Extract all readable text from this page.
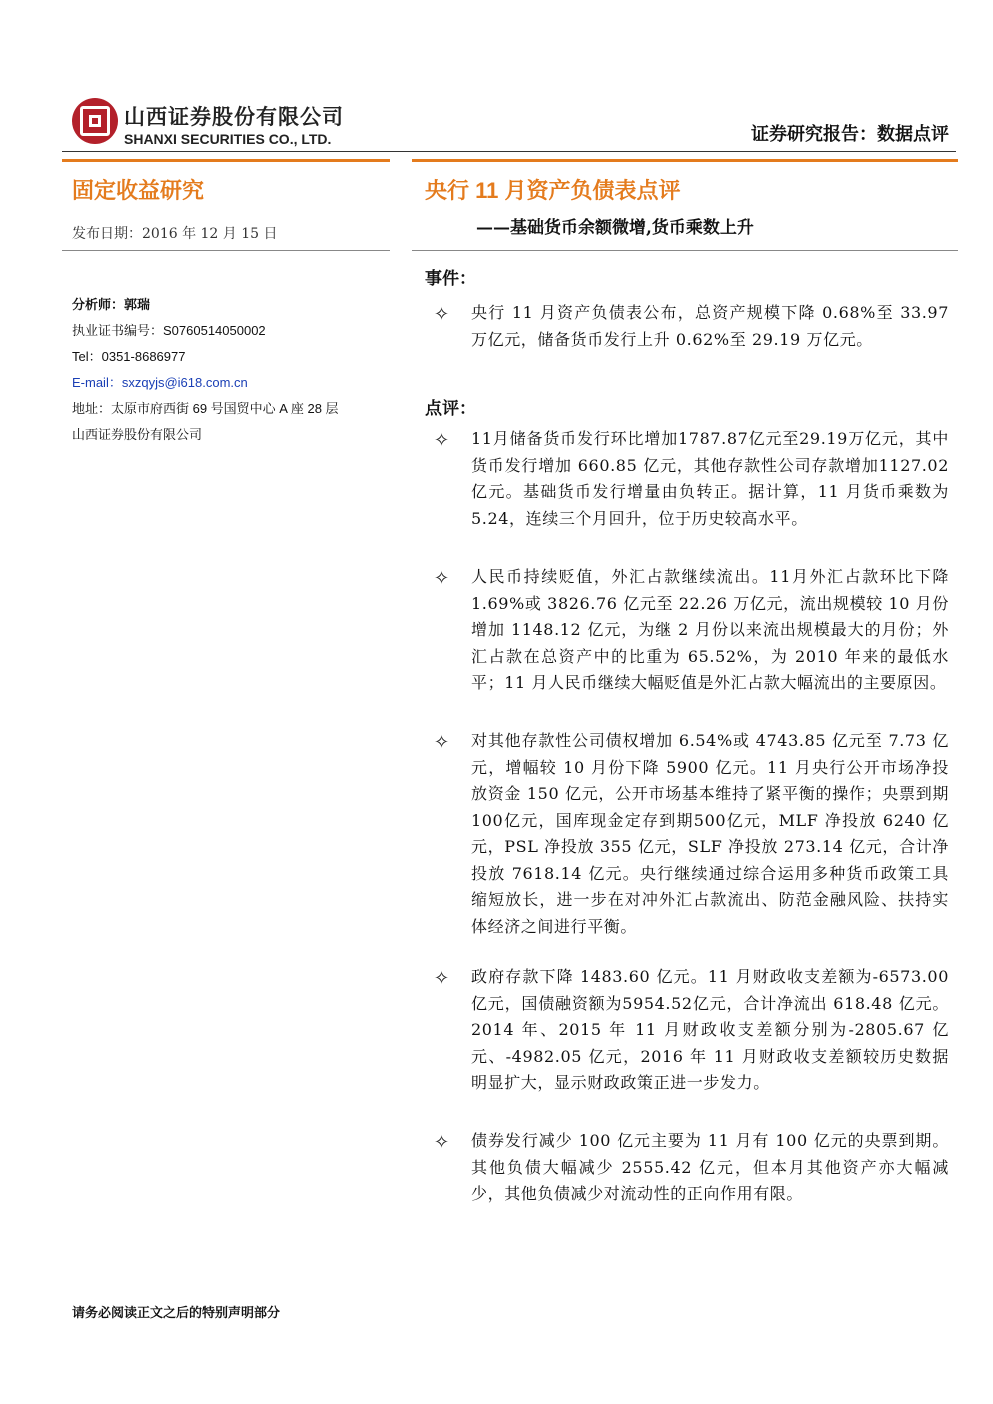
山西证券股份有限公司
SHANXI SECURITIES CO., LTD.	证券研究报告：数据点评
固定收益研究
发布日期：2016 年 12 月 15 日
分析师：郭瑞
执业证书编号：S0760514050002
Tel：0351-8686977
E-mail：sxzqyjs@i618.com.cn
地址：太原市府西街 69 号国贸中心 A 座 28 层
山西证券股份有限公司
央行 11 月资产负债表点评
——基础货币余额微增,货币乘数上升
事件：
✧ 央行 11 月资产负债表公布，总资产规模下降 0.68%至 33.97 万亿元，储备货币发行上升 0.62%至 29.19 万亿元。
点评：
✧ 11月储备货币发行环比增加1787.87亿元至29.19万亿元，其中货币发行增加 660.85 亿元，其他存款性公司存款增加1127.02亿元。基础货币发行增量由负转正。据计算，11 月货币乘数为 5.24，连续三个月回升，位于历史较高水平。
✧ 人民币持续贬值，外汇占款继续流出。11月外汇占款环比下降 1.69%或 3826.76 亿元至 22.26 万亿元，流出规模较 10 月份增加 1148.12 亿元，为继 2 月份以来流出规模最大的月份；外汇占款在总资产中的比重为 65.52%，为 2010 年来的最低水平；11 月人民币继续大幅贬值是外汇占款大幅流出的主要原因。
✧ 对其他存款性公司债权增加 6.54%或 4743.85 亿元至 7.73 亿元，增幅较 10 月份下降 5900 亿元。11 月央行公开市场净投放资金 150 亿元，公开市场基本维持了紧平衡的操作；央票到期100亿元，国库现金定存到期500亿元，MLF 净投放 6240 亿元，PSL 净投放 355 亿元，SLF 净投放 273.14 亿元，合计净投放 7618.14 亿元。央行继续通过综合运用多种货币政策工具缩短放长，进一步在对冲外汇占款流出、防范金融风险、扶持实体经济之间进行平衡。
✧ 政府存款下降 1483.60 亿元。11 月财政收支差额为-6573.00亿元，国债融资额为5954.52亿元，合计净流出 618.48 亿元。2014 年、2015 年 11 月财政收支差额分别为-2805.67 亿元、-4982.05 亿元，2016 年 11 月财政收支差额较历史数据明显扩大，显示财政政策正进一步发力。
✧ 债券发行减少 100 亿元主要为 11 月有 100 亿元的央票到期。其他负债大幅减少 2555.42 亿元，但本月其他资产亦大幅减少，其他负债减少对流动性的正向作用有限。
请务必阅读正文之后的特别声明部分
